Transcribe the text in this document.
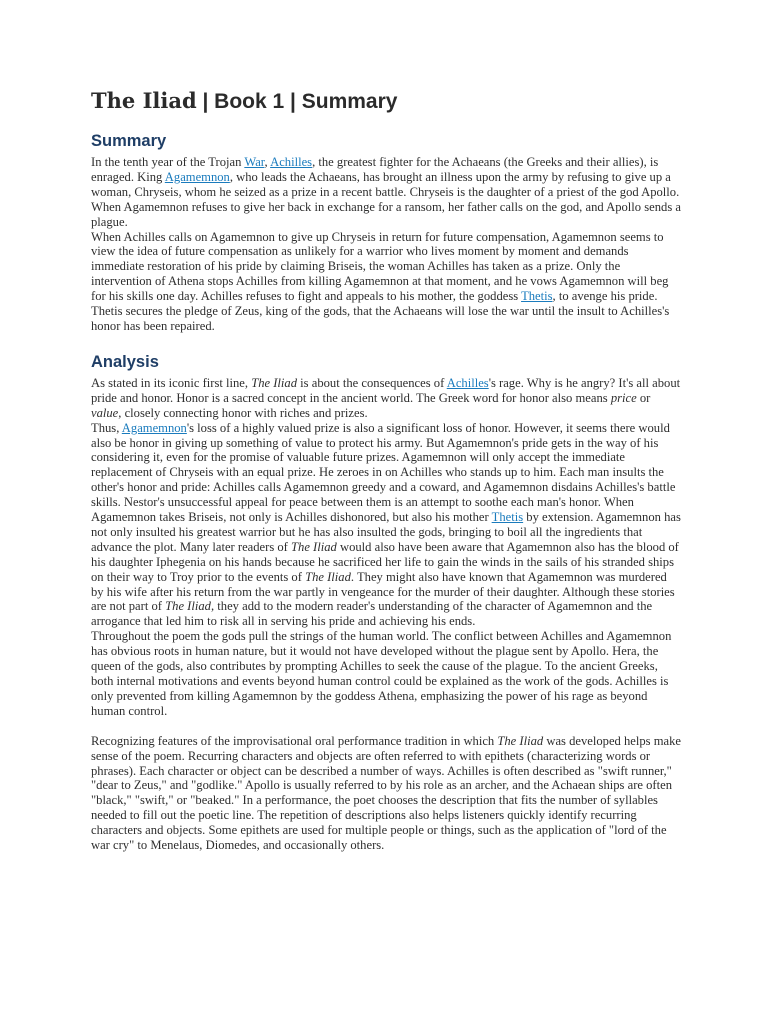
The Iliad | Book 1 | Summary
Summary

In the tenth year of the Trojan War, Achilles, the greatest fighter for the Achaeans (the Greeks and their allies), is enraged. King Agamemnon, who leads the Achaeans, has brought an illness upon the army by refusing to give up a woman, Chryseis, whom he seized as a prize in a recent battle. Chryseis is the daughter of a priest of the god Apollo. When Agamemnon refuses to give her back in exchange for a ransom, her father calls on the god, and Apollo sends a plague.

When Achilles calls on Agamemnon to give up Chryseis in return for future compensation, Agamemnon seems to view the idea of future compensation as unlikely for a warrior who lives moment by moment and demands immediate restoration of his pride by claiming Briseis, the woman Achilles has taken as a prize. Only the intervention of Athena stops Achilles from killing Agamemnon at that moment, and he vows Agamemnon will beg for his skills one day. Achilles refuses to fight and appeals to his mother, the goddess Thetis, to avenge his pride. Thetis secures the pledge of Zeus, king of the gods, that the Achaeans will lose the war until the insult to Achilles's honor has been repaired.

Analysis

As stated in its iconic first line, The Iliad is about the consequences of Achilles's rage. Why is he angry? It's all about pride and honor. Honor is a sacred concept in the ancient world. The Greek word for honor also means price or value, closely connecting honor with riches and prizes.

Thus, Agamemnon's loss of a highly valued prize is also a significant loss of honor. However, it seems there would also be honor in giving up something of value to protect his army. But Agamemnon's pride gets in the way of his considering it, even for the promise of valuable future prizes. Agamemnon will only accept the immediate replacement of Chryseis with an equal prize. He zeroes in on Achilles who stands up to him. Each man insults the other's honor and pride: Achilles calls Agamemnon greedy and a coward, and Agamemnon disdains Achilles's battle skills. Nestor's unsuccessful appeal for peace between them is an attempt to soothe each man's honor. When Agamemnon takes Briseis, not only is Achilles dishonored, but also his mother Thetis by extension. Agamemnon has not only insulted his greatest warrior but he has also insulted the gods, bringing to boil all the ingredients that advance the plot. Many later readers of The Iliad would also have been aware that Agamemnon also has the blood of his daughter Iphegenia on his hands because he sacrificed her life to gain the winds in the sails of his stranded ships on their way to Troy prior to the events of The Iliad. They might also have known that Agamemnon was murdered by his wife after his return from the war partly in vengeance for the murder of their daughter. Although these stories are not part of The Iliad, they add to the modern reader's understanding of the character of Agamemnon and the arrogance that led him to risk all in serving his pride and achieving his ends.

Throughout the poem the gods pull the strings of the human world. The conflict between Achilles and Agamemnon has obvious roots in human nature, but it would not have developed without the plague sent by Apollo. Hera, the queen of the gods, also contributes by prompting Achilles to seek the cause of the plague. To the ancient Greeks, both internal motivations and events beyond human control could be explained as the work of the gods. Achilles is only prevented from killing Agamemnon by the goddess Athena, emphasizing the power of his rage as beyond human control.

Recognizing features of the improvisational oral performance tradition in which The Iliad was developed helps make sense of the poem. Recurring characters and objects are often referred to with epithets (characterizing words or phrases). Each character or object can be described a number of ways. Achilles is often described as "swift runner," "dear to Zeus," and "godlike." Apollo is usually referred to by his role as an archer, and the Achaean ships are often "black," "swift," or "beaked." In a performance, the poet chooses the description that fits the number of syllables needed to fill out the poetic line. The repetition of descriptions also helps listeners quickly identify recurring characters and objects. Some epithets are used for multiple people or things, such as the application of "lord of the war cry" to Menelaus, Diomedes, and occasionally others.
